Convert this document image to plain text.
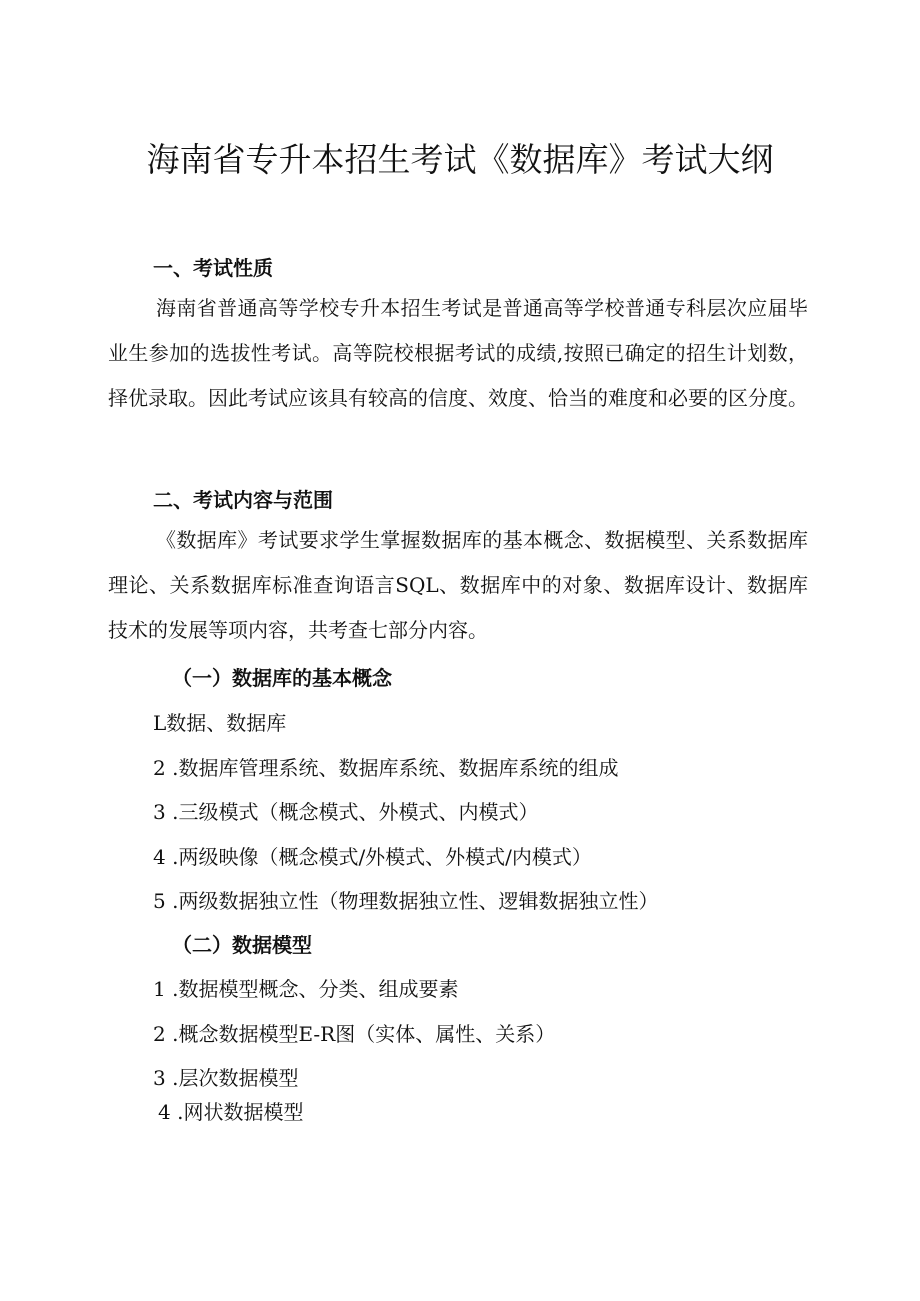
海南省专升本招生考试《数据库》考试大纲
一、考试性质

海南省普通高等学校专升本招生考试是普通高等学校普通专科层次应届毕业生参加的选拔性考试。高等院校根据考试的成绩,按照已确定的招生计划数，择优录取。因此考试应该具有较高的信度、效度、恰当的难度和必要的区分度。

二、考试内容与范围

《数据库》考试要求学生掌握数据库的基本概念、数据模型、关系数据库理论、关系数据库标准查询语言SQL、数据库中的对象、数据库设计、数据库技术的发展等项内容，共考查七部分内容。

（一）数据库的基本概念
L数据、数据库
2 .数据库管理系统、数据库系统、数据库系统的组成
3 .三级模式（概念模式、外模式、内模式）
4 .两级映像（概念模式/外模式、外模式/内模式）
5 .两级数据独立性（物理数据独立性、逻辑数据独立性）
（二）数据模型
1 .数据模型概念、分类、组成要素
2 .概念数据模型E-R图（实体、属性、关系）
3 .层次数据模型
4 .网状数据模型
